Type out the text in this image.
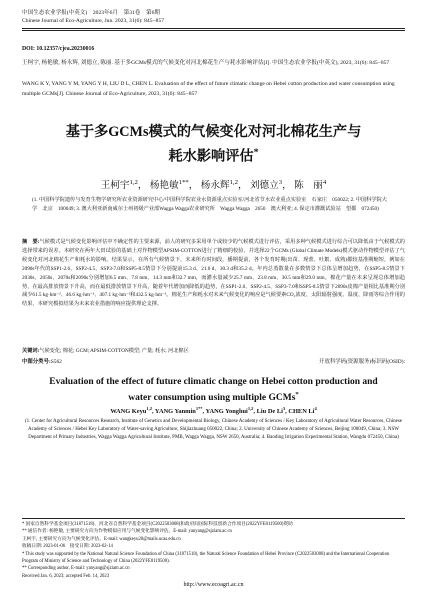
中国生态农业学报(中英文)　2023年6月　第31卷　第6期
Chinese Journal of Eco-Agriculture, Jun. 2023, 31(6): 845−857
DOI: 10.12357/cjea.20230016
王柯宇, 杨艳敏, 杨永辉, 刘德立, 陈丽. 基于多GCMs模式的气候变化对河北棉花生产与耗水影响评估[J]. 中国生态农业学报(中英文), 2023, 31(6): 845−857
WANG K Y, YANG Y M, YANG Y H, LIU D L, CHEN L. Evaluation of the effect of future climatic change on Hebei cotton production and water consumption using multiple GCMs[J]. Chinese Journal of Eco-Agriculture, 2023, 31(6): 845−857
基于多GCMs模式的气候变化对河北棉花生产与
耗水影响评估*
王柯宇$^{1,2}$， 杨艳敏$^{1**}$， 杨永辉$^{1,2}$， 刘德立$^3$， 陈　丽$^4$
(1. 中国科学院遗传与发育生物学研究所农业资源研究中心/中国科学院农业水资源重点实验室/河北省节水农业重点实验室　石家庄　050022; 2. 中国科学院大学　北京　100049; 3. 澳大利亚新南威尔士州初级产业部Wagga Wagga农业研究所　Wagga Wagga　2650　澳大利亚; 4. 保定市灌溉试验站　望都　072450)
摘　要:气候模式是气候变化影响评估中不确定性的主要来源，前人的研究多采用单个或较少的气候模式进行评估，采用多种气候模式进行综合可以降低由于气候模式的选择带来的误差。本研究在两年大田试验的基础上对作物模型APSIM-COTTON进行了精细的校验，并选择22个GCMs (Global Climate Models)模式驱动作物模型评估了气候变化对河北棉花生产和耗水的影响。结果显示，在所有气候情景下，未来所有时间段，播期提前，各个发育时期(出苗、现蕾、吐絮、成熟)都较基准期缩短，例如在2090s年代的SSP1-2.6、SSP2-4.5、SSP3-7.0和SSP5-8.5情景下分别提前15.3 d、21.0 d、30.3 d和35.2 d。年内总蒸散量在多数情景下总体呈增加趋势，在SSP5-8.5情景下2030s、2050s、2070s和2090s分别增加6.5 mm、7.8 mm、14.3 mm和32.7 mm，而灌水量减少25.7 mm、23.8 mm、30.5 mm和29.0 mm。棉花产量在未来呈现总体增加趋势，在最高排放情景下升高，而在最低排放情景下升高，随着年代增加而降低的趋势，在SSP1-2.6、SSP2-4.5、SSP3-7.0和SSP5-8.5情景下2090s皮棉产量相比基准期分别减少61.5 kg·hm⁻²、46.6 kg·hm⁻²、407.1 kg·hm⁻²和432.5 kg·hm⁻²。棉花生产和耗水对未来气候变化的响应是气候要素CO₂浓度、太阳辐射强度、温度、降雨等综合作用的结果，本研究模拟结果为未来农业措施的响应提供理论支撑。
关键词:气候变化; 棉花; GCM; APSIM-COTTON模型; 产量; 耗水; 河北棉区
中图分类号:S562	开放科学码(资源服务)标识码(OSID):
Evaluation of the effect of future climatic change on Hebei cotton production and
water consumption using multiple GCMs*
WANG Keyu$^{1,2}$, YANG Yanmin$^{1**}$, YANG Yonghui$^{1,2}$, Liu De Li$^3$, CHEN Li$^4$
(1. Center for Agricultural Resources Research, Institute of Genetics and Developmental Biology, Chinese Academy of Sciences / Key Laboratory of Agricultural Water Resources, Chinese Academy of Sciences / Hebei Key Laboratory of Water-saving Agriculture, Shijiazhuang 050022, China; 2. University of Chinese Academy of Sciences, Beijing 100049, China; 3. NSW Department of Primary Industries, Wagga Wagga Agricultural Institute, PMB, Wagga Wagga, NSW 2650, Australia; 4. Baoding Irrigation Experimental Station, Wangdu 072450, China)
* 国家自然科学基金项目(31871518)、河北省自然科学基金项目(C2022503008)和政府间国际科技创新合作项目(2022YFE0119500)资助
** 通信作者: 杨艳敏, 主要研究方向为作物模拟应用与气候变化影响评估。E-mail: yanyang@sjziam.ac.cn
王柯宇, 主要研究方向为气候变化评估。E-mail: wangkeyu20@mails.ucas.edu.cn
收稿日期: 2023-01-06　接受日期: 2023-02-14
* This study was supported by the National Natural Science Foundation of China (31871518), the Natural Science Foundation of Hebei Province (C2022503008) and the International Cooperation Program of Ministry of Science and Technology of China (2022YFE0119500).
** Corresponding author, E-mail: yanyang@sjziam.ac.cn
Received Jan. 6, 2023; accepted Feb. 14, 2023
http://www.ecoagri.ac.cn
